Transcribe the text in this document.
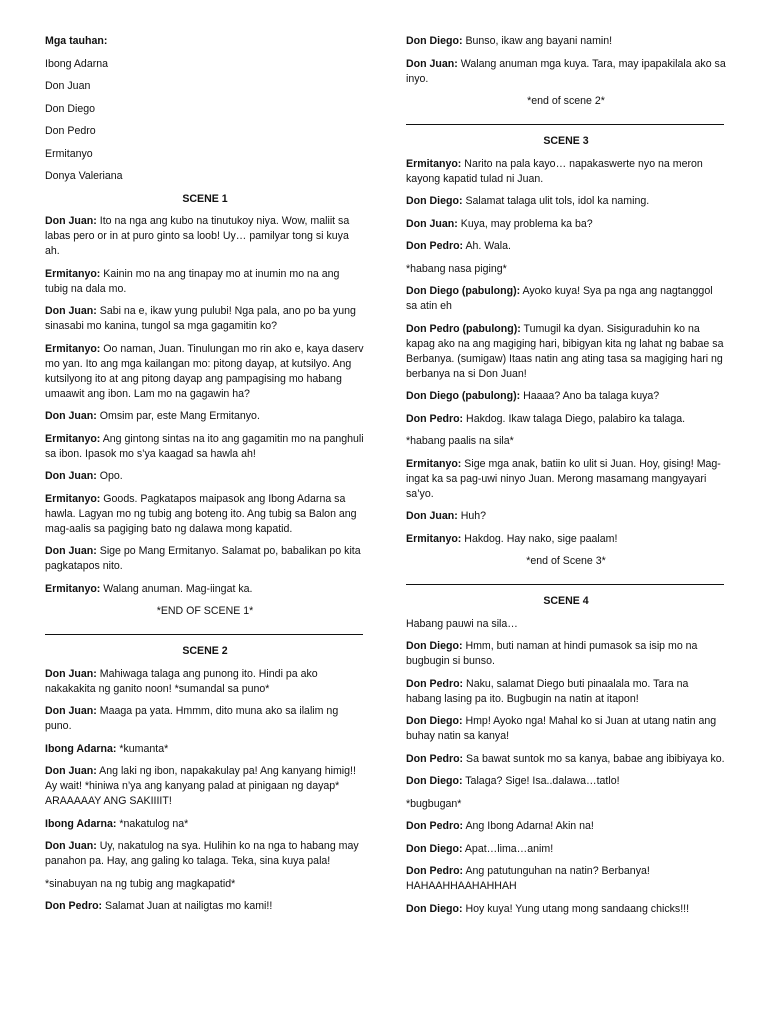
Mga tauhan:

Ibong Adarna

Don Juan

Don Diego

Don Pedro

Ermitanyo

Donya Valeriana

SCENE 1

Don Juan: Ito na nga ang kubo na tinutukoy niya. Wow, maliit sa labas pero or in at puro ginto sa loob! Uy… pamilyar tong si kuya ah.

Ermitanyo: Kainin mo na ang tinapay mo at inumin mo na ang tubig na dala mo.

Don Juan: Sabi na e, ikaw yung pulubi! Nga pala, ano po ba yung sinasabi mo kanina, tungol sa mga gagamitin ko?

Ermitanyo: Oo naman, Juan. Tinulungan mo rin ako e, kaya daserv mo yan. Ito ang mga kailangan mo: pitong dayap, at kutsilyo. Ang kutsilyong ito at ang pitong dayap ang pampagising mo habang umaawit ang ibon. Lam mo na gagawin ha?

Don Juan: Omsim par, este Mang Ermitanyo.

Ermitanyo: Ang gintong sintas na ito ang gagamitin mo na panghuli sa ibon. Ipasok mo s’ya kaagad sa hawla ah!

Don Juan: Opo.

Ermitanyo: Goods. Pagkatapos maipasok ang Ibong Adarna sa hawla. Lagyan mo ng tubig ang boteng ito. Ang tubig sa Balon ang mag-aalis sa pagiging bato ng dalawa mong kapatid.

Don Juan: Sige po Mang Ermitanyo. Salamat po, babalikan po kita pagkatapos nito.

Ermitanyo: Walang anuman. Mag-iingat ka.

*END OF SCENE 1*

SCENE 2

Don Juan: Mahiwaga talaga ang punong ito. Hindi pa ako nakakakita ng ganito noon! *sumandal sa puno*

Don Juan: Maaga pa yata. Hmmm, dito muna ako sa ilalim ng puno.

Ibong Adarna: *kumanta*

Don Juan: Ang laki ng ibon, napakakulay pa! Ang kanyang himig!! Ay wait! *hiniwa n’ya ang kanyang palad at pinigaan ng dayap* ARAAAAAY ANG SAKIIIIT!

Ibong Adarna: *nakatulog na*

Don Juan: Uy, nakatulog na sya. Hulihin ko na nga to habang may panahon pa. Hay, ang galing ko talaga. Teka, sina kuya pala!

*sinabuyan na ng tubig ang magkapatid*

Don Pedro: Salamat Juan at nailigtas mo kami!!

Don Diego: Bunso, ikaw ang bayani namin!

Don Juan: Walang anuman mga kuya. Tara, may ipapakilala ako sa inyo.

*end of scene 2*

SCENE 3

Ermitanyo: Narito na pala kayo… napakaswerte nyo na meron kayong kapatid tulad ni Juan.

Don Diego: Salamat talaga ulit tols, idol ka naming.

Don Juan: Kuya, may problema ka ba?

Don Pedro: Ah. Wala.

*habang nasa piging*

Don Diego (pabulong): Ayoko kuya! Sya pa nga ang nagtanggol sa atin eh

Don Pedro (pabulong): Tumugil ka dyan. Sisiguraduhin ko na kapag ako na ang magiging hari, bibigyan kita ng lahat ng babae sa Berbanya. (sumigaw) Itaas natin ang ating tasa sa magiging hari ng berbanya na si Don Juan!

Don Diego (pabulong): Haaaa? Ano ba talaga kuya?

Don Pedro: Hakdog. Ikaw talaga Diego, palabiro ka talaga.

*habang paalis na sila*

Ermitanyo: Sige mga anak, batiin ko ulit si Juan. Hoy, gising! Mag-ingat ka sa pag-uwi ninyo Juan. Merong masamang mangyayari sa’yo.

Don Juan: Huh?

Ermitanyo: Hakdog. Hay nako, sige paalam!

*end of Scene 3*

SCENE 4

Habang pauwi na sila…

Don Diego: Hmm, buti naman at hindi pumasok sa isip mo na bugbugin si bunso.

Don Pedro: Naku, salamat Diego buti pinaalala mo. Tara na habang lasing pa ito. Bugbugin na natin at itapon!

Don Diego: Hmp! Ayoko nga! Mahal ko si Juan at utang natin ang buhay natin sa kanya!

Don Pedro: Sa bawat suntok mo sa kanya, babae ang ibibiyaya ko.

Don Diego: Talaga? Sige! Isa..dalawa…tatlo!

*bugbugan*

Don Pedro: Ang Ibong Adarna! Akin na!

Don Diego: Apat…lima…anim!

Don Pedro: Ang patutunguhan na natin? Berbanya! HAHAAHHAAHAHHAH

Don Diego: Hoy kuya! Yung utang mong sandaang chicks!!!
